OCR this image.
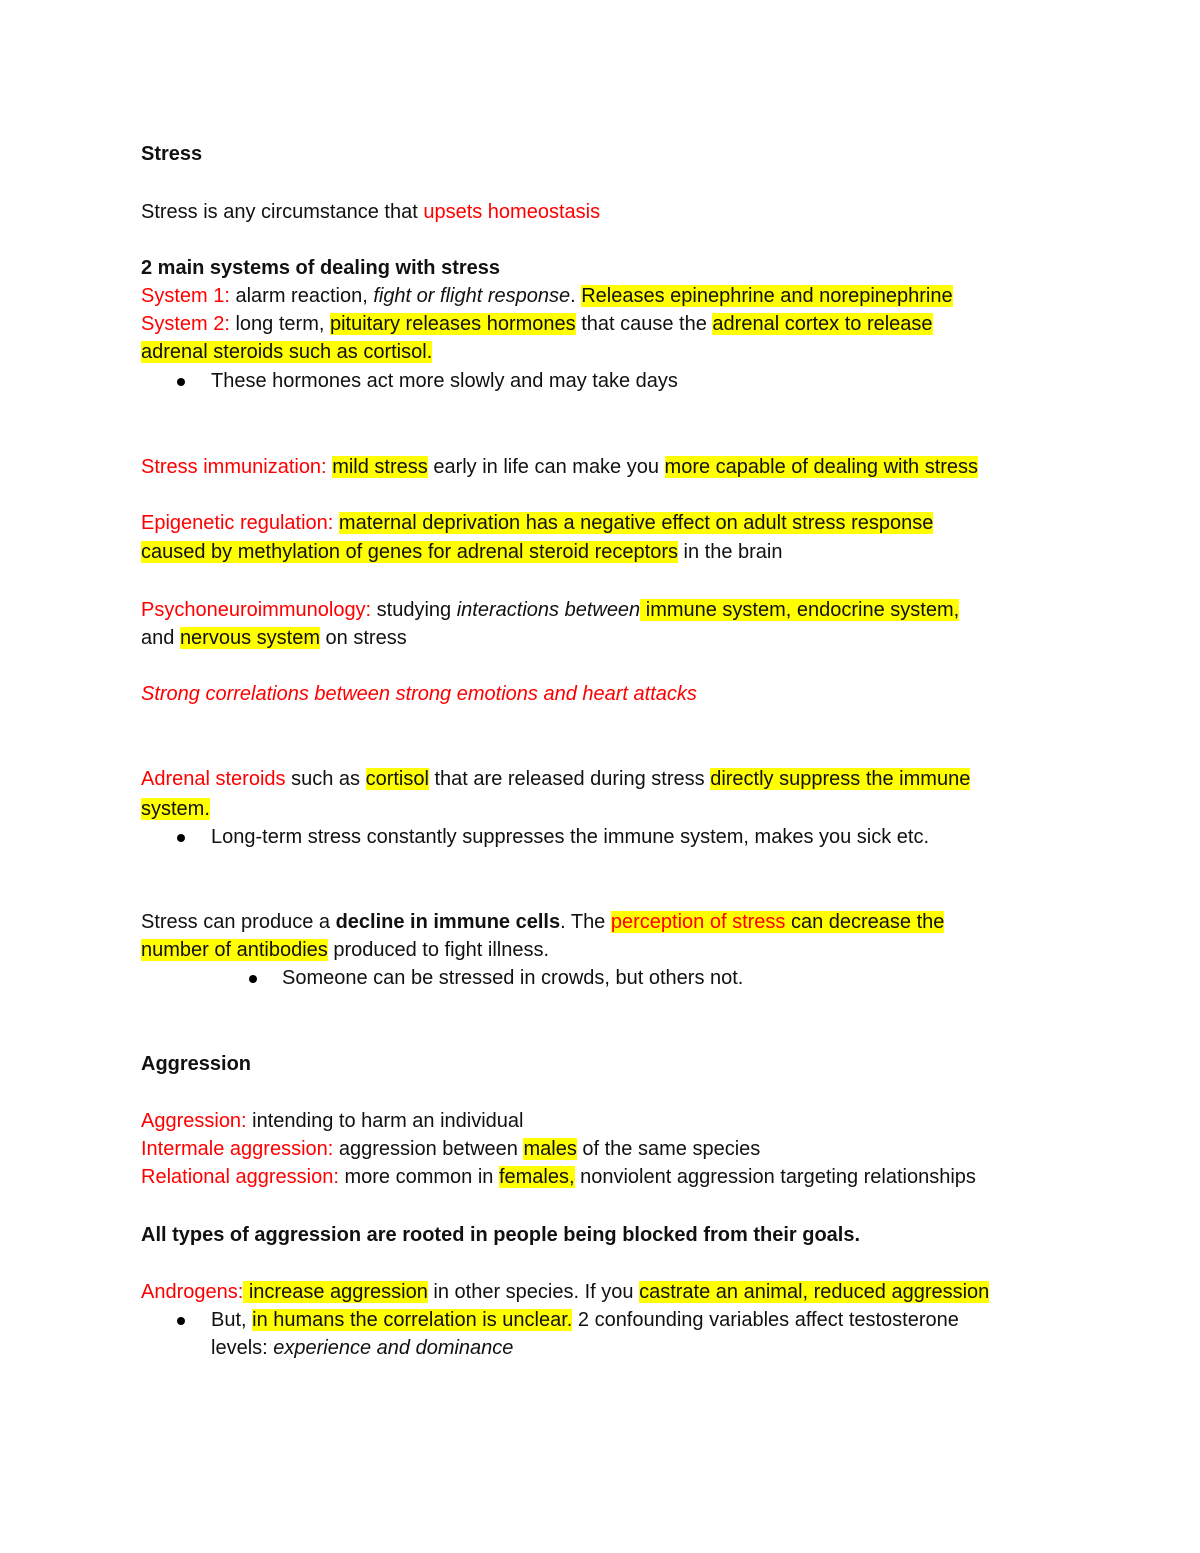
Stress
Stress is any circumstance that upsets homeostasis
2 main systems of dealing with stress
System 1: alarm reaction, fight or flight response. Releases epinephrine and norepinephrine
System 2: long term, pituitary releases hormones that cause the adrenal cortex to release
adrenal steroids such as cortisol.
These hormones act more slowly and may take days
Stress immunization: mild stress early in life can make you more capable of dealing with stress
Epigenetic regulation: maternal deprivation has a negative effect on adult stress response
caused by methylation of genes for adrenal steroid receptors in the brain
Psychoneuroimmunology: studying interactions between immune system, endocrine system,
and nervous system on stress
Strong correlations between strong emotions and heart attacks
Adrenal steroids such as cortisol that are released during stress directly suppress the immune
system.
Long-term stress constantly suppresses the immune system, makes you sick etc.
Stress can produce a decline in immune cells. The perception of stress can decrease the
number of antibodies produced to fight illness.
Someone can be stressed in crowds, but others not.
Aggression
Aggression: intending to harm an individual
Intermale aggression: aggression between males of the same species
Relational aggression: more common in females, nonviolent aggression targeting relationships
All types of aggression are rooted in people being blocked from their goals.
Androgens: increase aggression in other species. If you castrate an animal, reduced aggression
But, in humans the correlation is unclear. 2 confounding variables affect testosterone
levels: experience and dominance
